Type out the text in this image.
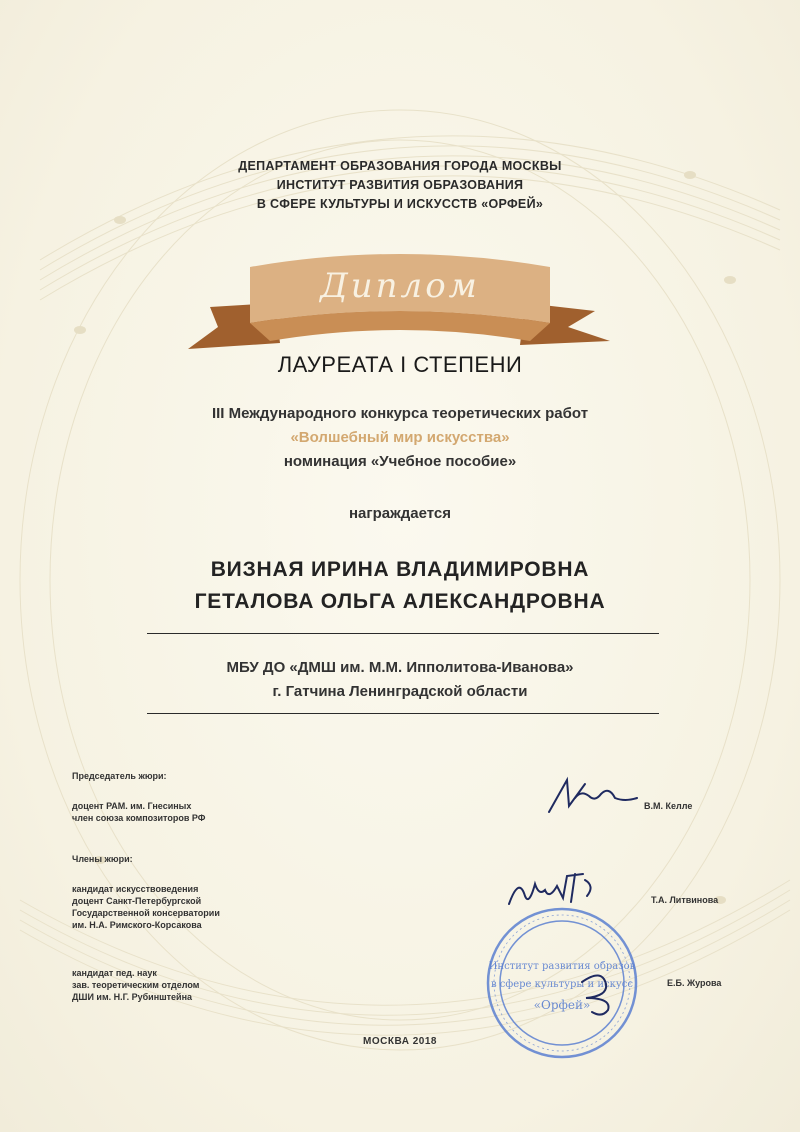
ДЕПАРТАМЕНТ ОБРАЗОВАНИЯ ГОРОДА МОСКВЫ
ИНСТИТУТ РАЗВИТИЯ ОБРАЗОВАНИЯ
В СФЕРЕ КУЛЬТУРЫ И ИСКУССТВ «ОРФЕЙ»
Диплом
ЛАУРЕАТА I СТЕПЕНИ
III Международного конкурса теоретических работ
«Волшебный мир искусства»
номинация «Учебное пособие»
награждается
ВИЗНАЯ ИРИНА ВЛАДИМИРОВНА
ГЕТАЛОВА ОЛЬГА АЛЕКСАНДРОВНА
МБУ ДО «ДМШ им. М.М. Ипполитова-Иванова»
г. Гатчина Ленинградской области
Председатель жюри:
доцент РАМ. им. Гнесиных
член союза композиторов РФ
В.М. Келле
Члены жюри:
кандидат искусствоведения
доцент Санкт-Петербургской
Государственной консерватории
им. Н.А. Римского-Корсакова
Т.А. Литвинова
кандидат пед. наук
зав. теоретическим отделом
ДШИ им. Н.Г. Рубинштейна
Е.Б. Журова
Институт развития образов
в сфере культуры и искусс
«Орфей»
МОСКВА 2018
